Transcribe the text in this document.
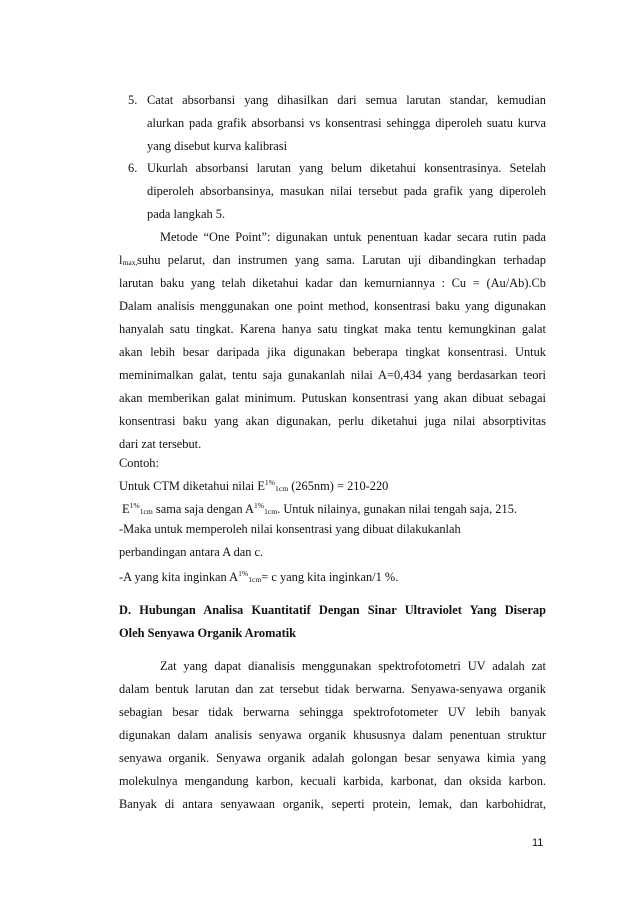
5. Catat absorbansi yang dihasilkan dari semua larutan standar, kemudian
alurkan pada grafik absorbansi vs konsentrasi sehingga diperoleh suatu kurva
yang disebut kurva kalibrasi
6. Ukurlah absorbansi larutan yang belum diketahui konsentrasinya. Setelah
diperoleh absorbansinya, masukan nilai tersebut pada grafik yang diperoleh
pada langkah 5.
Metode “One Point”: digunakan untuk penentuan kadar secara rutin pada
lmax, suhu pelarut, dan instrumen yang sama. Larutan uji dibandingkan terhadap
larutan baku yang telah diketahui kadar dan kemurniannya : Cu = (Au/Ab).Cb
Dalam analisis menggunakan one point method, konsentrasi baku yang digunakan
hanyalah satu tingkat. Karena hanya satu tingkat maka tentu kemungkinan galat
akan lebih besar daripada jika digunakan beberapa tingkat konsentrasi. Untuk
meminimalkan galat, tentu saja gunakanlah nilai A=0,434 yang berdasarkan teori
akan memberikan galat minimum. Putuskan konsentrasi yang akan dibuat sebagai
konsentrasi baku yang akan digunakan, perlu diketahui juga nilai absorptivitas
dari zat tersebut.
Contoh:
Untuk CTM diketahui nilai $E^{1\%}1cm$ (265nm) = 210-220
$E^{1\%}1cm$ sama saja dengan $A^{1\%}1cm$. Untuk nilainya, gunakan nilai tengah saja, 215.
-Maka untuk memperoleh nilai konsentrasi yang dibuat dilakukanlah
perbandingan antara A dan c.
-A yang kita inginkan $A^{1\%}1cm= c$ yang kita inginkan/1 %.
D. Hubungan Analisa Kuantitatif Dengan Sinar Ultraviolet Yang Diserap
Oleh Senyawa Organik Aromatik
Zat yang dapat dianalisis menggunakan spektrofotometri UV adalah zat
dalam bentuk larutan dan zat tersebut tidak berwarna. Senyawa-senyawa organik
sebagian besar tidak berwarna sehingga spektrofotometer UV lebih banyak
digunakan dalam analisis senyawa organik khususnya dalam penentuan struktur
senyawa organik. Senyawa organik adalah golongan besar senyawa kimia yang
molekulnya mengandung karbon, kecuali karbida, karbonat, dan oksida karbon.
Banyak di antara senyawaan organik, seperti protein, lemak, dan karbohidrat,
11
